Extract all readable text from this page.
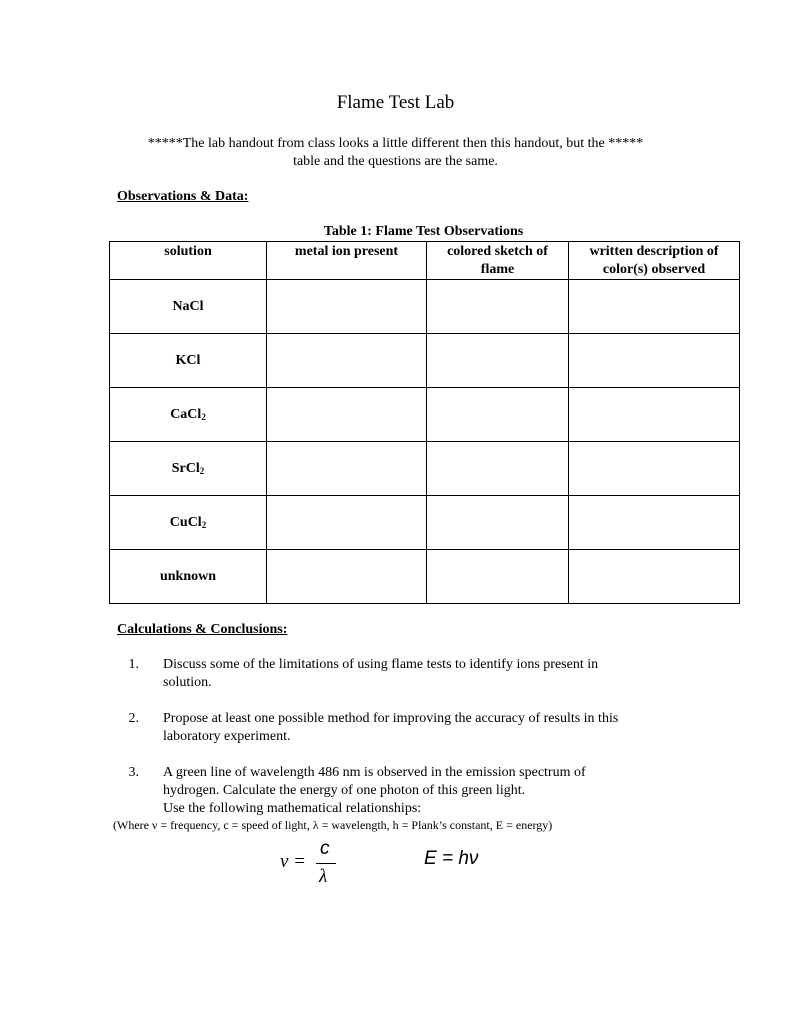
Flame Test Lab
*****The lab handout from class looks a little different then this handout, but the *****
table and the questions are the same.
Observations & Data:
Table 1: Flame Test Observations
solution	metal ion present	colored sketch of flame	written description of color(s) observed
NaCl			
KCl			
CaCl$_2$			
SrCl$_2$			
CuCl$_2$			
unknown			
Calculations & Conclusions:
1. Discuss some of the limitations of using flame tests to identify ions present in
solution.
2. Propose at least one possible method for improving the accuracy of results in this
laboratory experiment.
3. A green line of wavelength 486 nm is observed in the emission spectrum of
hydrogen. Calculate the energy of one photon of this green light.
Use the following mathematical relationships:
(Where ν = frequency, c = speed of light, λ = wavelength, h = Plank’s constant, E = energy)
ν =
c
λ
E = hν
